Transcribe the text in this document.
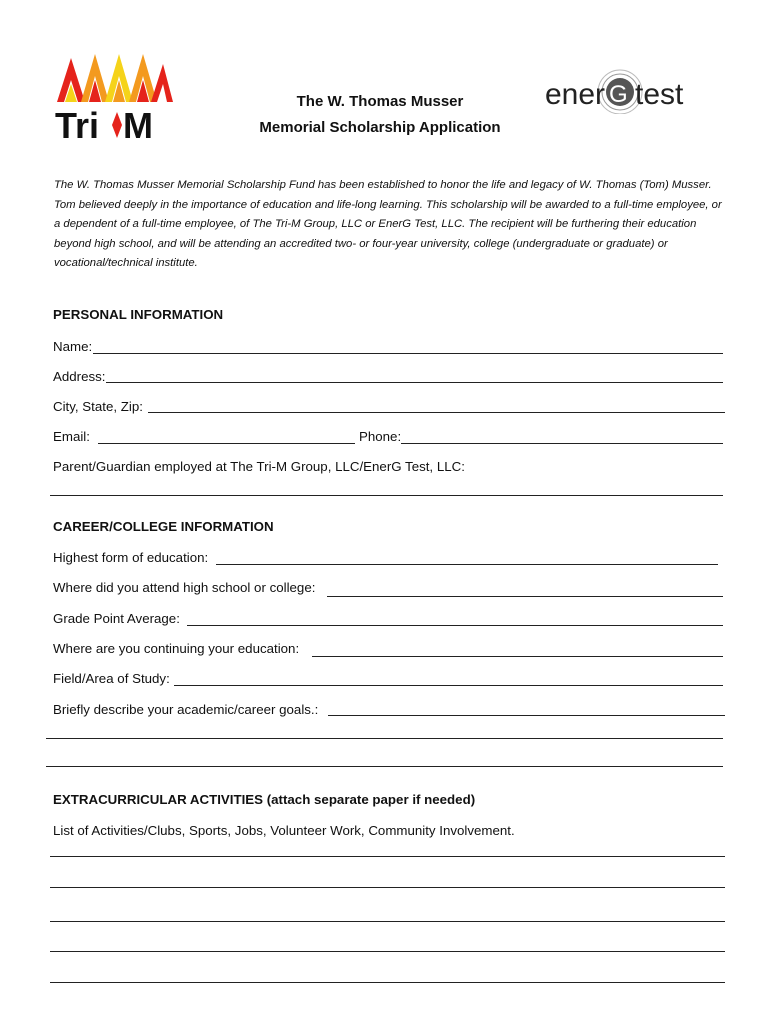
Tri M
ener G test
The W. Thomas Musser
Memorial Scholarship Application
The W. Thomas Musser Memorial Scholarship Fund has been established to honor the life and legacy of W. Thomas (Tom) Musser. Tom believed deeply in the importance of education and life-long learning. This scholarship will be awarded to a full-time employee, or a dependent of a full-time employee, of The Tri-M Group, LLC or EnerG Test, LLC. The recipient will be furthering their education beyond high school, and will be attending an accredited two- or four-year university, college (undergraduate or graduate) or vocational/technical institute.
PERSONAL INFORMATION
Name:
Address:
City, State, Zip:
Email:	Phone:
Parent/Guardian employed at The Tri-M Group, LLC/EnerG Test, LLC:
CAREER/COLLEGE INFORMATION
Highest form of education:
Where did you attend high school or college:
Grade Point Average:
Where are you continuing your education:
Field/Area of Study:
Briefly describe your academic/career goals.:
EXTRACURRICULAR ACTIVITIES (attach separate paper if needed)
List of Activities/Clubs, Sports, Jobs, Volunteer Work, Community Involvement.
